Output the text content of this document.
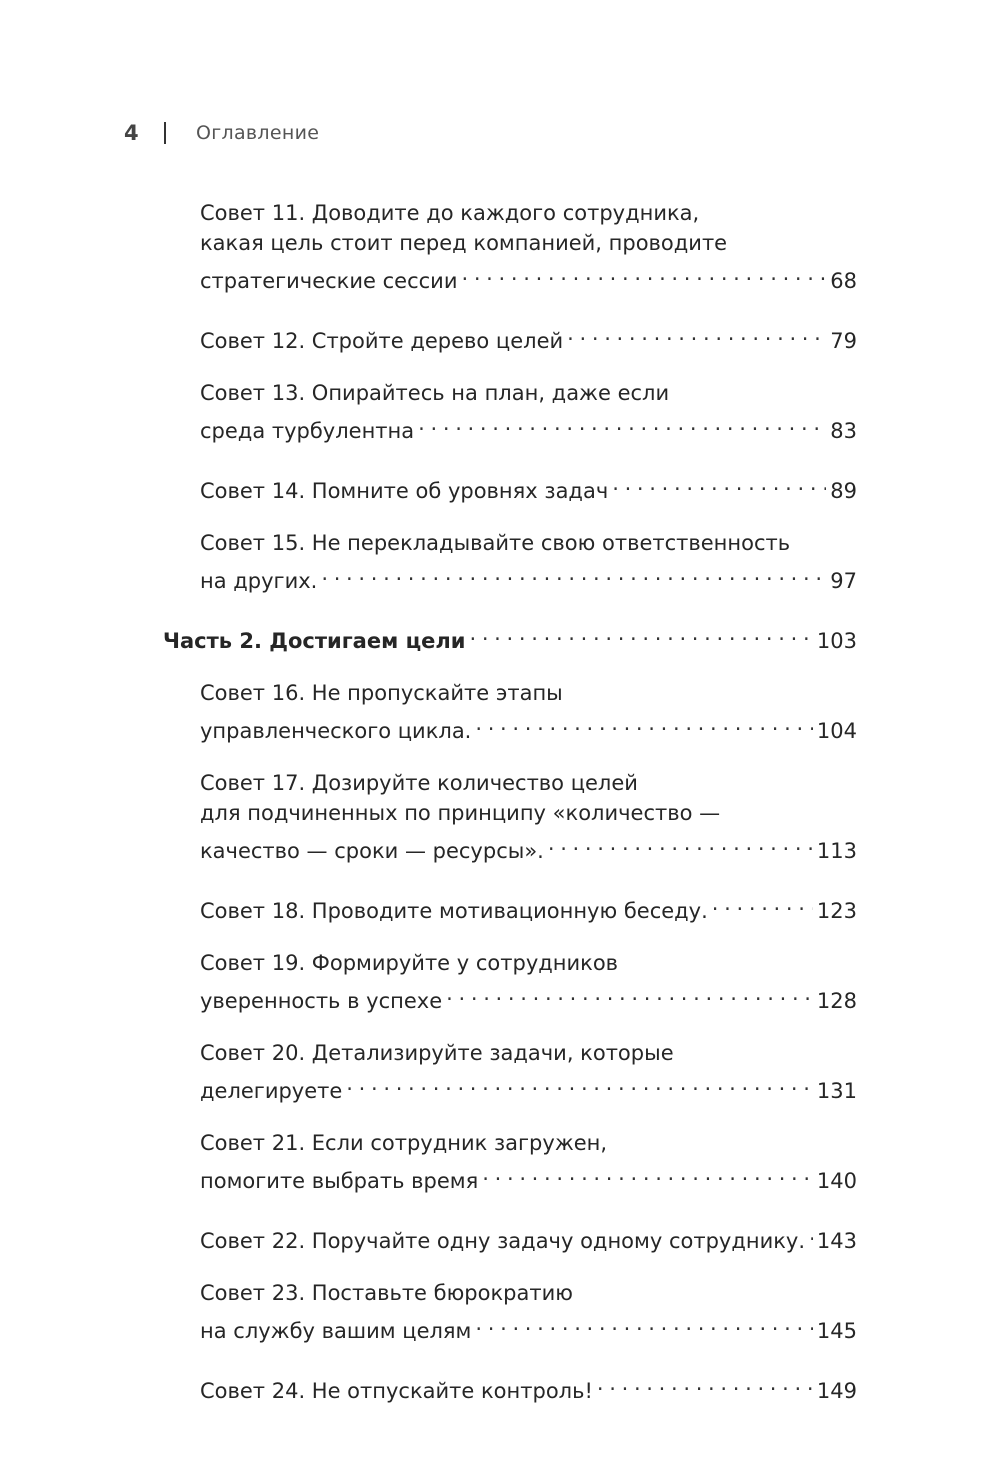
4	Оглавление
Совет 11. Доводите до каждого сотрудника,
какая цель стоит перед компанией, проводите
стратегические сессии . . .	68
Совет 12. Стройте дерево целей . . .	79
Совет 13. Опирайтесь на план, даже если
среда турбулентна . . .	83
Совет 14. Помните об уровнях задач . . .	89
Совет 15. Не перекладывайте свою ответственность
на других. . . .	97
Часть 2. Достигаем цели . . .	103
Совет 16. Не пропускайте этапы
управленческого цикла. . . .	104
Совет 17. Дозируйте количество целей
для подчиненных по принципу «количество —
качество — сроки — ресурсы». . . .	113
Совет 18. Проводите мотивационную беседу. . . .	123
Совет 19. Формируйте у сотрудников
уверенность в успехе . . .	128
Совет 20. Детализируйте задачи, которые
делегируете . . .	131
Совет 21. Если сотрудник загружен,
помогите выбрать время . . .	140
Совет 22. Поручайте одну задачу одному сотруднику. . . . 143
Совет 23. Поставьте бюрократию
на службу вашим целям . . .	145
Совет 24. Не отпускайте контроль! . . .	149
